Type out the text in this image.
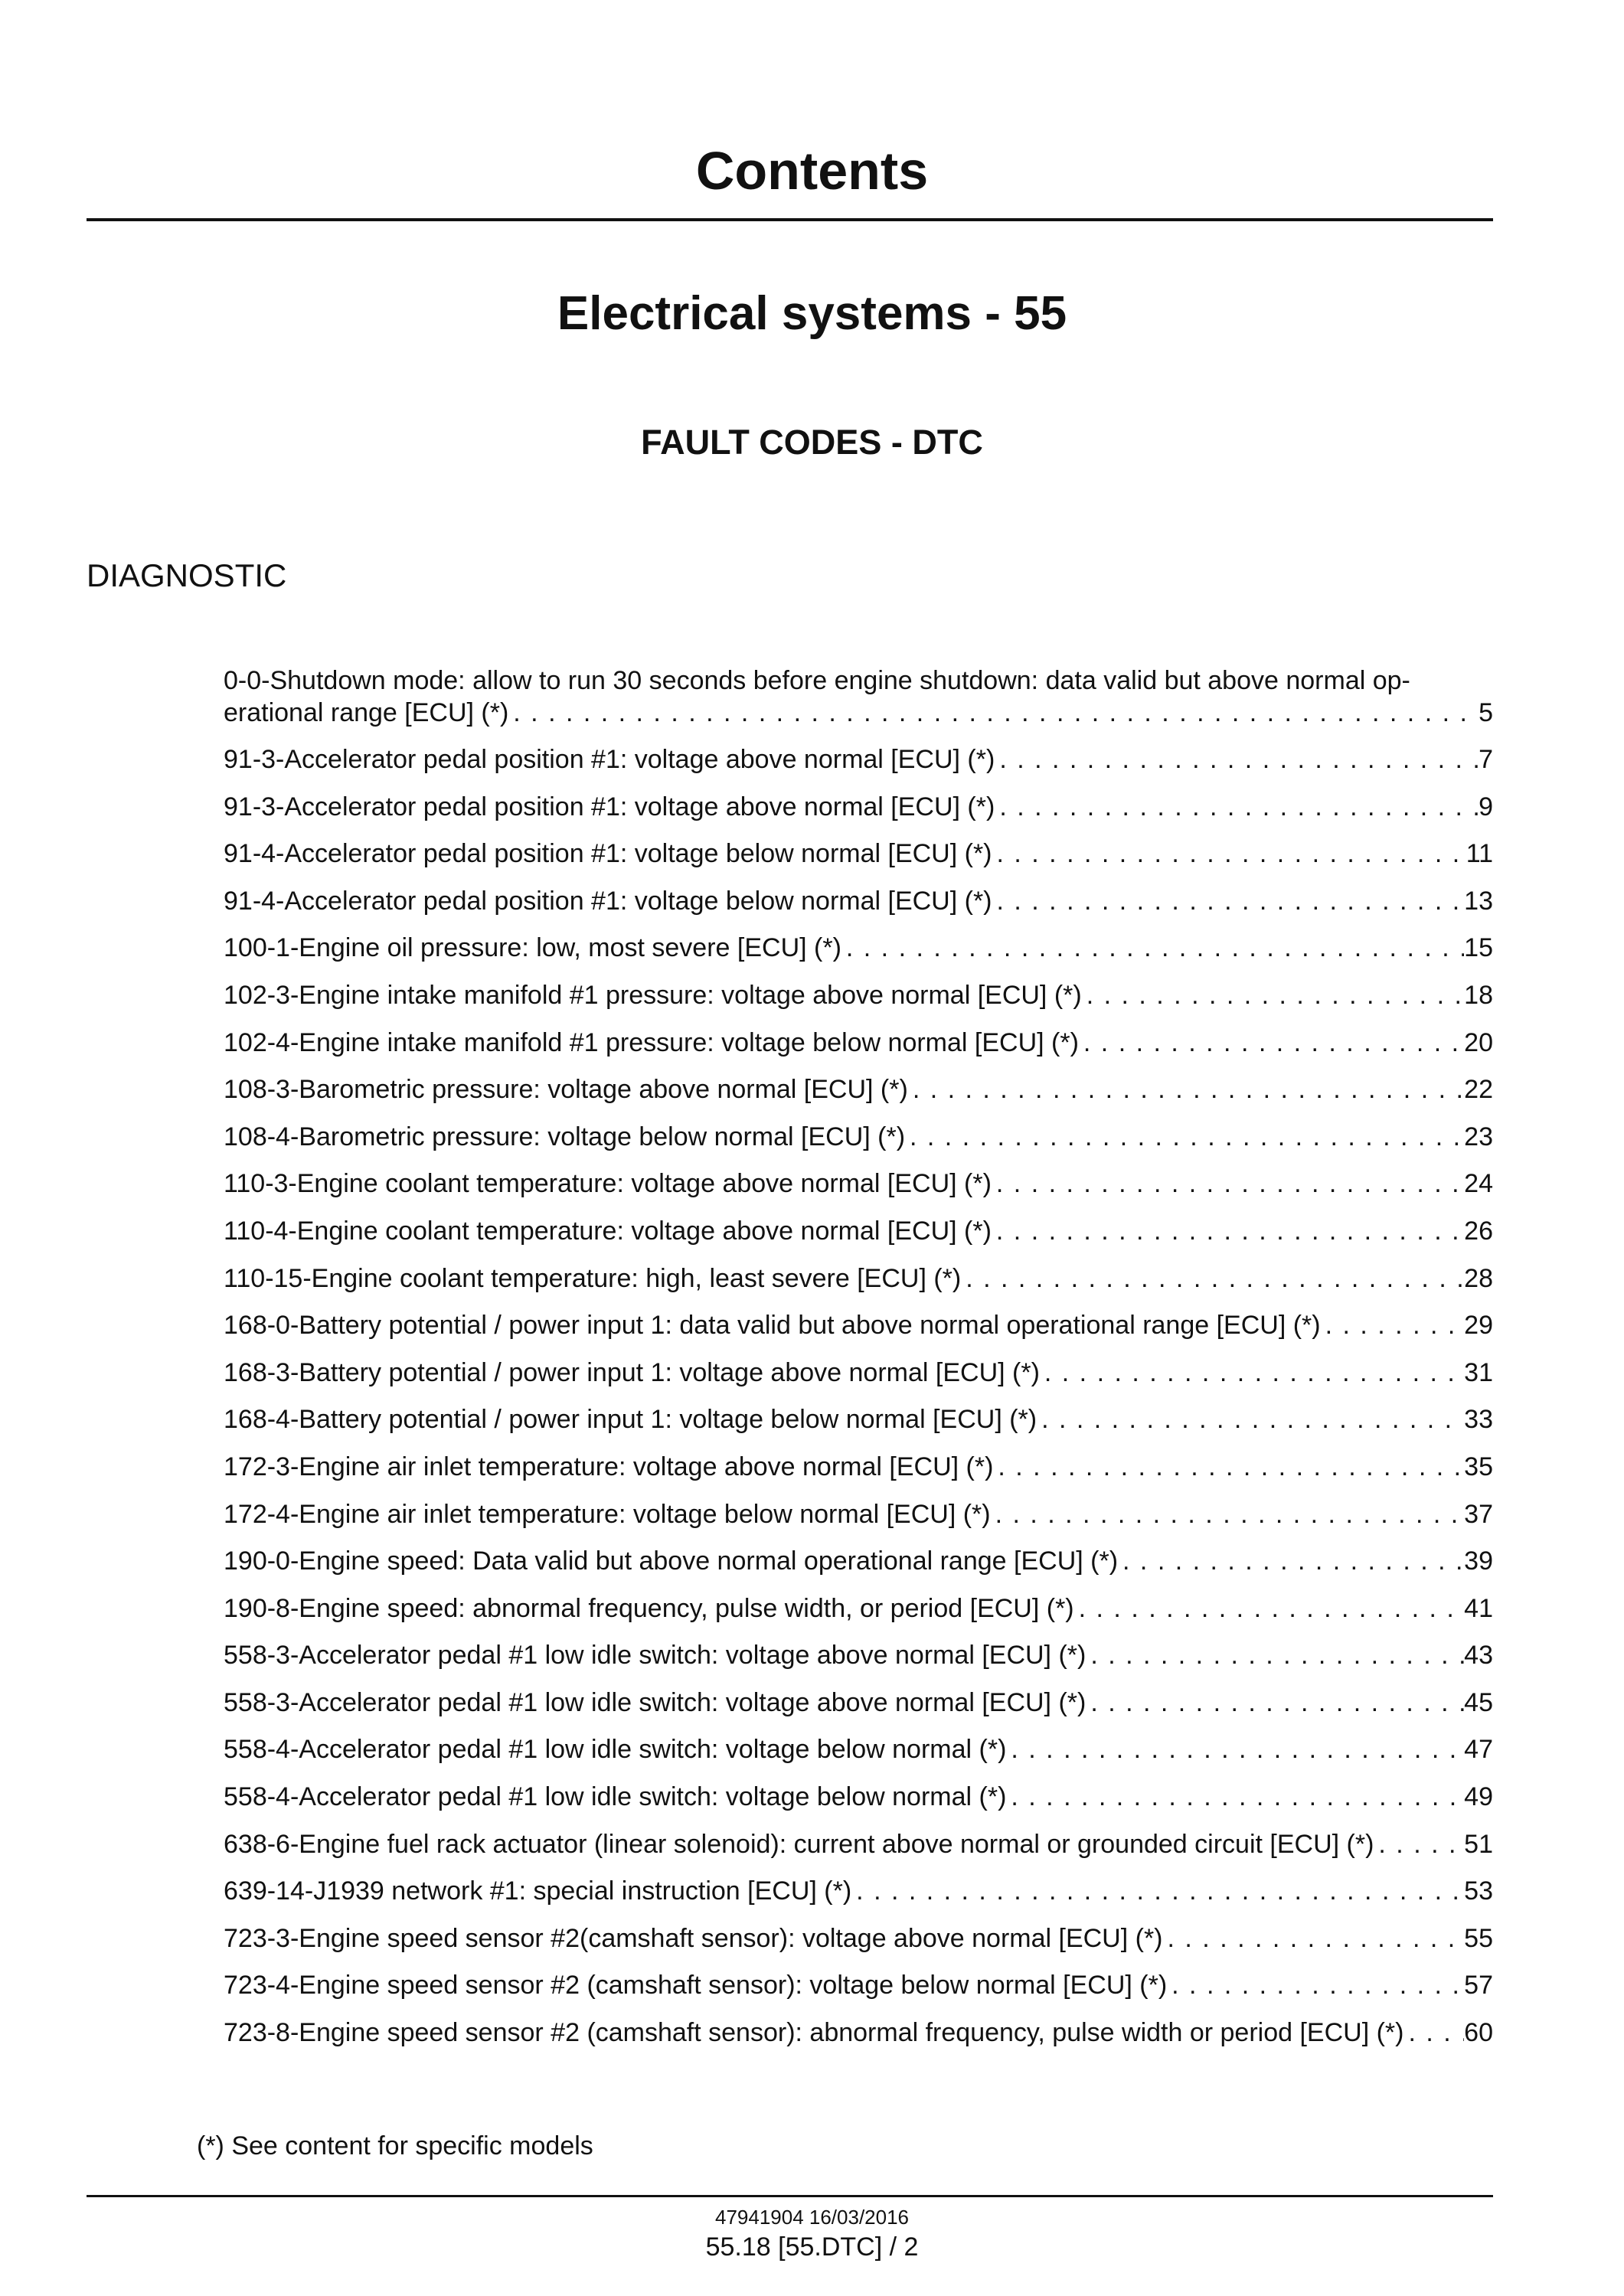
Contents
Electrical systems - 55
FAULT CODES - DTC
DIAGNOSTIC
0-0-Shutdown mode: allow to run 30 seconds before engine shutdown: data valid but above normal op-
erational range [ECU] (*) . . .	5
91-3-Accelerator pedal position #1: voltage above normal [ECU] (*) . . .	7
91-3-Accelerator pedal position #1: voltage above normal [ECU] (*) . . .	9
91-4-Accelerator pedal position #1: voltage below normal [ECU] (*) . . .	11
91-4-Accelerator pedal position #1: voltage below normal [ECU] (*) . . .	13
100-1-Engine oil pressure: low, most severe [ECU] (*) . . .	15
102-3-Engine intake manifold #1 pressure: voltage above normal [ECU] (*) . . .	18
102-4-Engine intake manifold #1 pressure: voltage below normal [ECU] (*) . . .	20
108-3-Barometric pressure: voltage above normal [ECU] (*) . . .	22
108-4-Barometric pressure: voltage below normal [ECU] (*) . . .	23
110-3-Engine coolant temperature: voltage above normal [ECU] (*) . . .	24
110-4-Engine coolant temperature: voltage above normal [ECU] (*) . . .	26
110-15-Engine coolant temperature: high, least severe [ECU] (*) . . .	28
168-0-Battery potential / power input 1: data valid but above normal operational range [ECU] (*) . . .	29
168-3-Battery potential / power input 1: voltage above normal [ECU] (*) . . .	31
168-4-Battery potential / power input 1: voltage below normal [ECU] (*) . . .	33
172-3-Engine air inlet temperature: voltage above normal [ECU] (*) . . .	35
172-4-Engine air inlet temperature: voltage below normal [ECU] (*) . . .	37
190-0-Engine speed: Data valid but above normal operational range [ECU] (*) . . .	39
190-8-Engine speed: abnormal frequency, pulse width, or period [ECU] (*) . . .	41
558-3-Accelerator pedal #1 low idle switch: voltage above normal [ECU] (*) . . .	43
558-3-Accelerator pedal #1 low idle switch: voltage above normal [ECU] (*) . . .	45
558-4-Accelerator pedal #1 low idle switch: voltage below normal (*) . . .	47
558-4-Accelerator pedal #1 low idle switch: voltage below normal (*) . . .	49
638-6-Engine fuel rack actuator (linear solenoid): current above normal or grounded circuit [ECU] (*) . . .	51
639-14-J1939 network #1: special instruction [ECU] (*) . . .	53
723-3-Engine speed sensor #2(camshaft sensor): voltage above normal [ECU] (*) . . .	55
723-4-Engine speed sensor #2 (camshaft sensor): voltage below normal [ECU] (*) . . .	57
723-8-Engine speed sensor #2 (camshaft sensor): abnormal frequency, pulse width or period [ECU] (*) . . . 60
(*) See content for specific models
47941904 16/03/2016
55.18 [55.DTC] / 2
